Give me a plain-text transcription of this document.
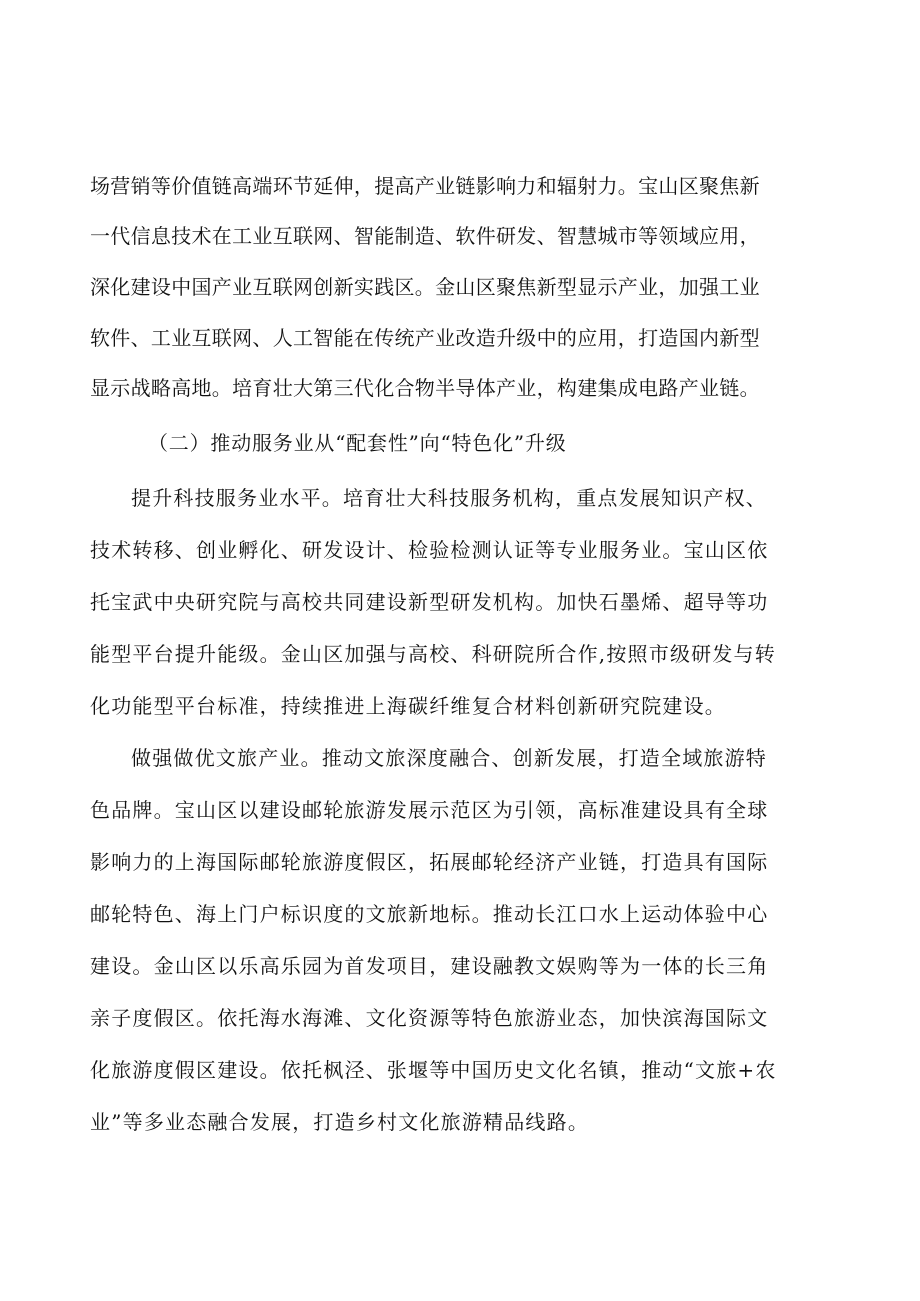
场营销等价值链高端环节延伸，提高产业链影响力和辐射力。宝山区聚焦新

一代信息技术在工业互联网、智能制造、软件研发、智慧城市等领域应用，

深化建设中国产业互联网创新实践区。金山区聚焦新型显示产业，加强工业

软件、工业互联网、人工智能在传统产业改造升级中的应用，打造国内新型

显示战略高地。培育壮大第三代化合物半导体产业，构建集成电路产业链。

（二）推动服务业从“配套性”向“特色化”升级

提升科技服务业水平。培育壮大科技服务机构，重点发展知识产权、

技术转移、创业孵化、研发设计、检验检测认证等专业服务业。宝山区依

托宝武中央研究院与高校共同建设新型研发机构。加快石墨烯、超导等功

能型平台提升能级。金山区加强与高校、科研院所合作,按照市级研发与转

化功能型平台标准，持续推进上海碳纤维复合材料创新研究院建设。

做强做优文旅产业。推动文旅深度融合、创新发展，打造全域旅游特

色品牌。宝山区以建设邮轮旅游发展示范区为引领，高标准建设具有全球

影响力的上海国际邮轮旅游度假区，拓展邮轮经济产业链，打造具有国际

邮轮特色、海上门户标识度的文旅新地标。推动长江口水上运动体验中心

建设。金山区以乐高乐园为首发项目，建设融教文娱购等为一体的长三角

亲子度假区。依托海水海滩、文化资源等特色旅游业态，加快滨海国际文

化旅游度假区建设。依托枫泾、张堰等中国历史文化名镇，推动“文旅+农

业”等多业态融合发展，打造乡村文化旅游精品线路。
